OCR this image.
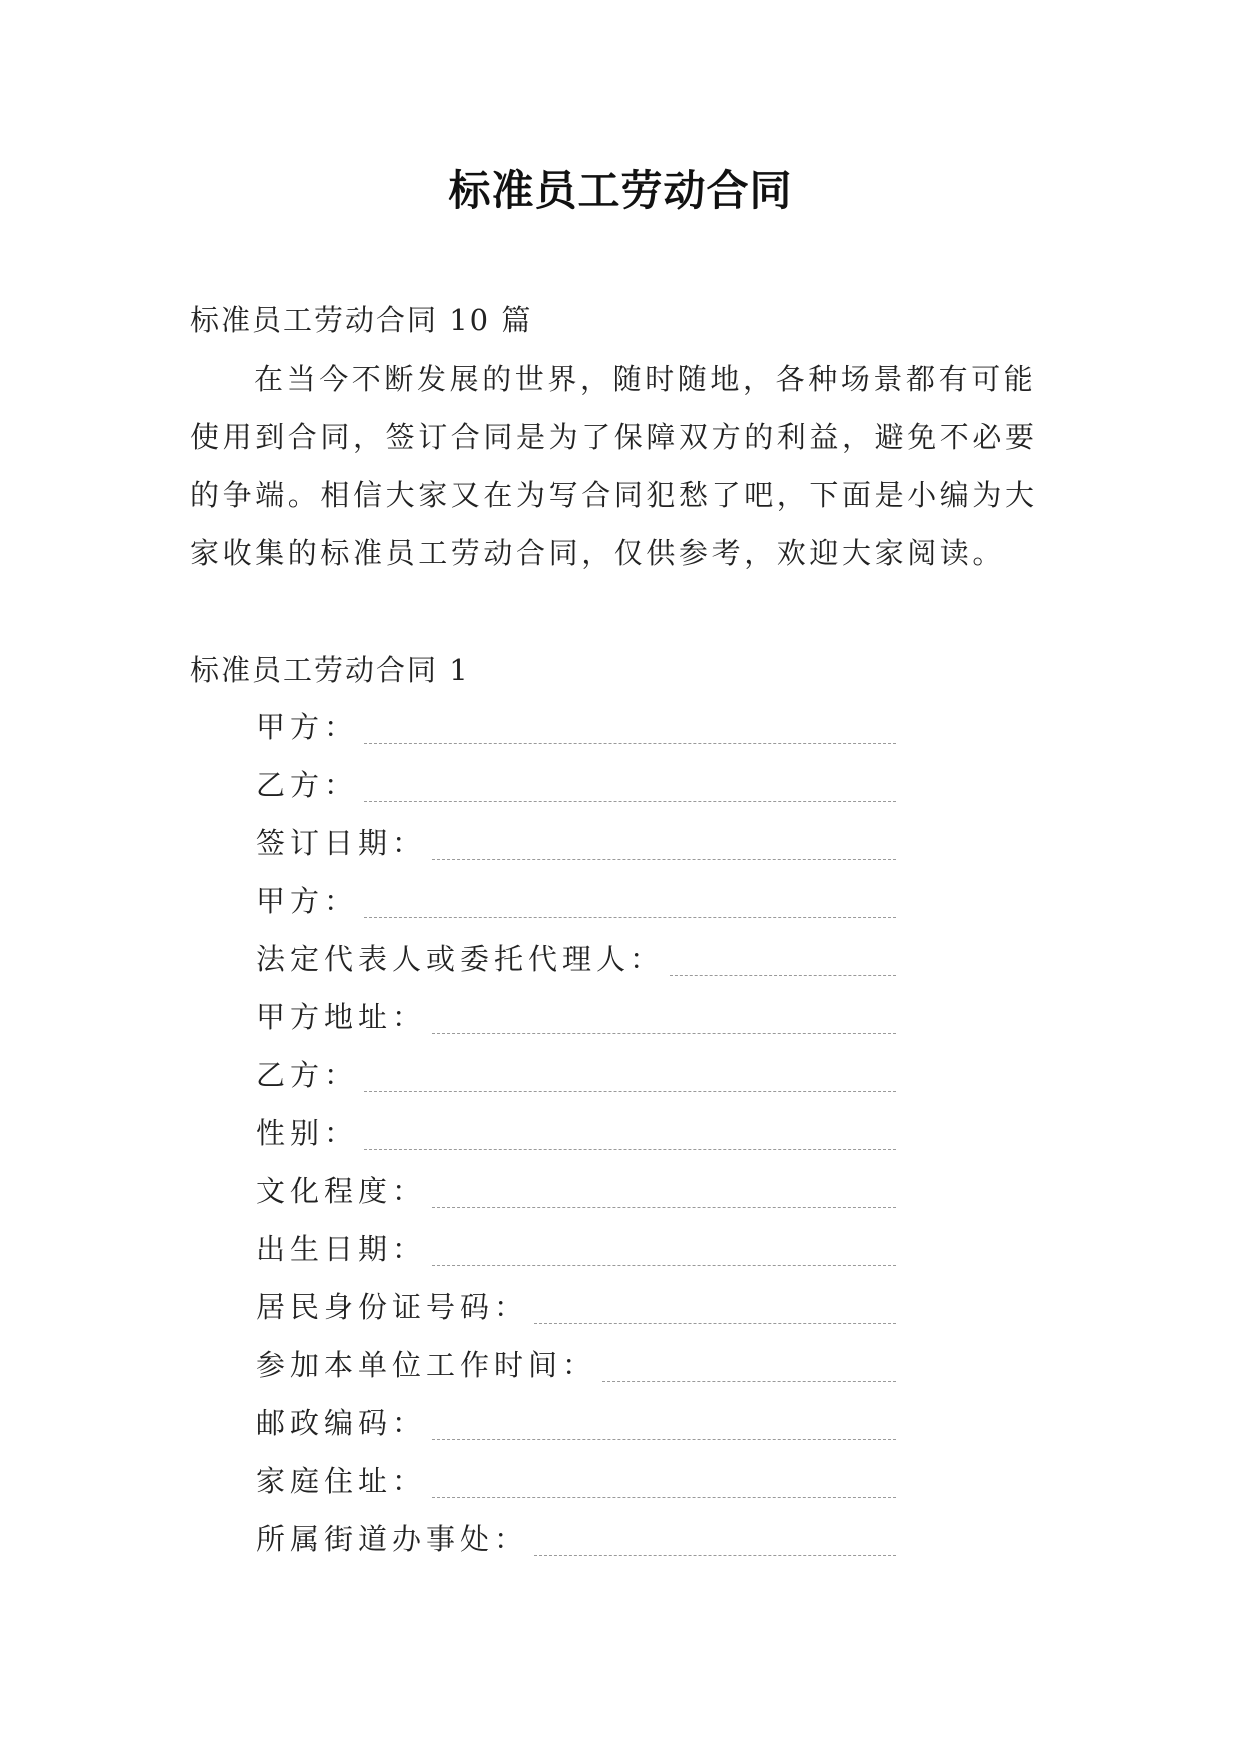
标准员工劳动合同
标准员工劳动合同 10 篇

在当今不断发展的世界，随时随地，各种场景都有可能使用到合同，签订合同是为了保障双方的利益，避免不必要的争端。相信大家又在为写合同犯愁了吧，下面是小编为大家收集的标准员工劳动合同，仅供参考，欢迎大家阅读。

标准员工劳动合同 1
甲方：
乙方：
签订日期：
甲方：
法定代表人或委托代理人：
甲方地址：
乙方：
性别：
文化程度：
出生日期：
居民身份证号码：
参加本单位工作时间：
邮政编码：
家庭住址：
所属街道办事处：
